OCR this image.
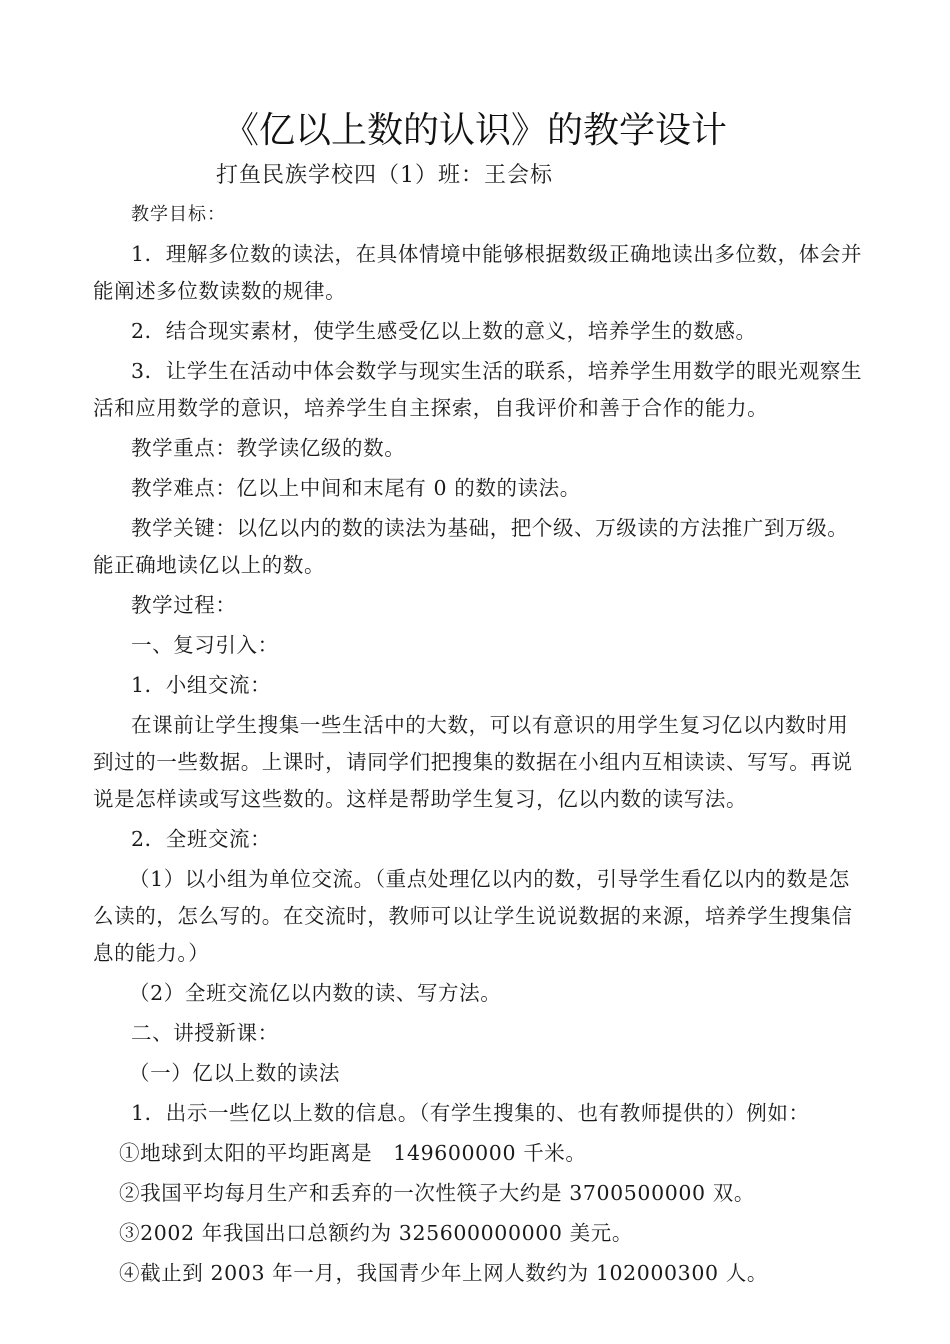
《亿以上数的认识》的教学设计
打鱼民族学校四（1）班：王会标
教学目标：

1．理解多位数的读法，在具体情境中能够根据数级正确地读出多位数，体会并能阐述多位数读数的规律。

2．结合现实素材，使学生感受亿以上数的意义，培养学生的数感。

3．让学生在活动中体会数学与现实生活的联系，培养学生用数学的眼光观察生活和应用数学的意识，培养学生自主探索，自我评价和善于合作的能力。

教学重点：教学读亿级的数。

教学难点：亿以上中间和末尾有 0 的数的读法。

教学关键：以亿以内的数的读法为基础，把个级、万级读的方法推广到万级。能正确地读亿以上的数。

教学过程：

一、复习引入：

1．小组交流：

在课前让学生搜集一些生活中的大数，可以有意识的用学生复习亿以内数时用到过的一些数据。上课时，请同学们把搜集的数据在小组内互相读读、写写。再说说是怎样读或写这些数的。这样是帮助学生复习，亿以内数的读写法。

2．全班交流：

（1）以小组为单位交流。（重点处理亿以内的数，引导学生看亿以内的数是怎么读的，怎么写的。在交流时，教师可以让学生说说数据的来源，培养学生搜集信息的能力。）

（2）全班交流亿以内数的读、写方法。

二、讲授新课：

（一）亿以上数的读法

1．出示一些亿以上数的信息。（有学生搜集的、也有教师提供的）例如：

①地球到太阳的平均距离是　149600000 千米。

②我国平均每月生产和丢弃的一次性筷子大约是 3700500000 双。

③2002 年我国出口总额约为 325600000000 美元。

④截止到 2003 年一月，我国青少年上网人数约为 102000300 人。
